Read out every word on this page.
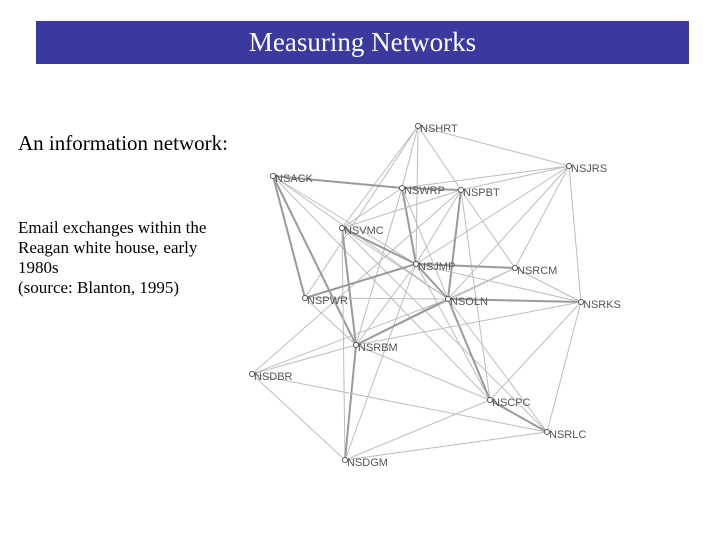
Measuring Networks
An information network:
Email exchanges within the
Reagan white house, early
1980s
(source: Blanton, 1995)
NSHRT
NSJRS
NSACK
NSWRP NSPBT
NSVMC
NSJMP	NSRCM
NSPWR	NSOLN	NSRKS
NSRBM
NSDBR
NSCPC
NSRLC
NSDGM
